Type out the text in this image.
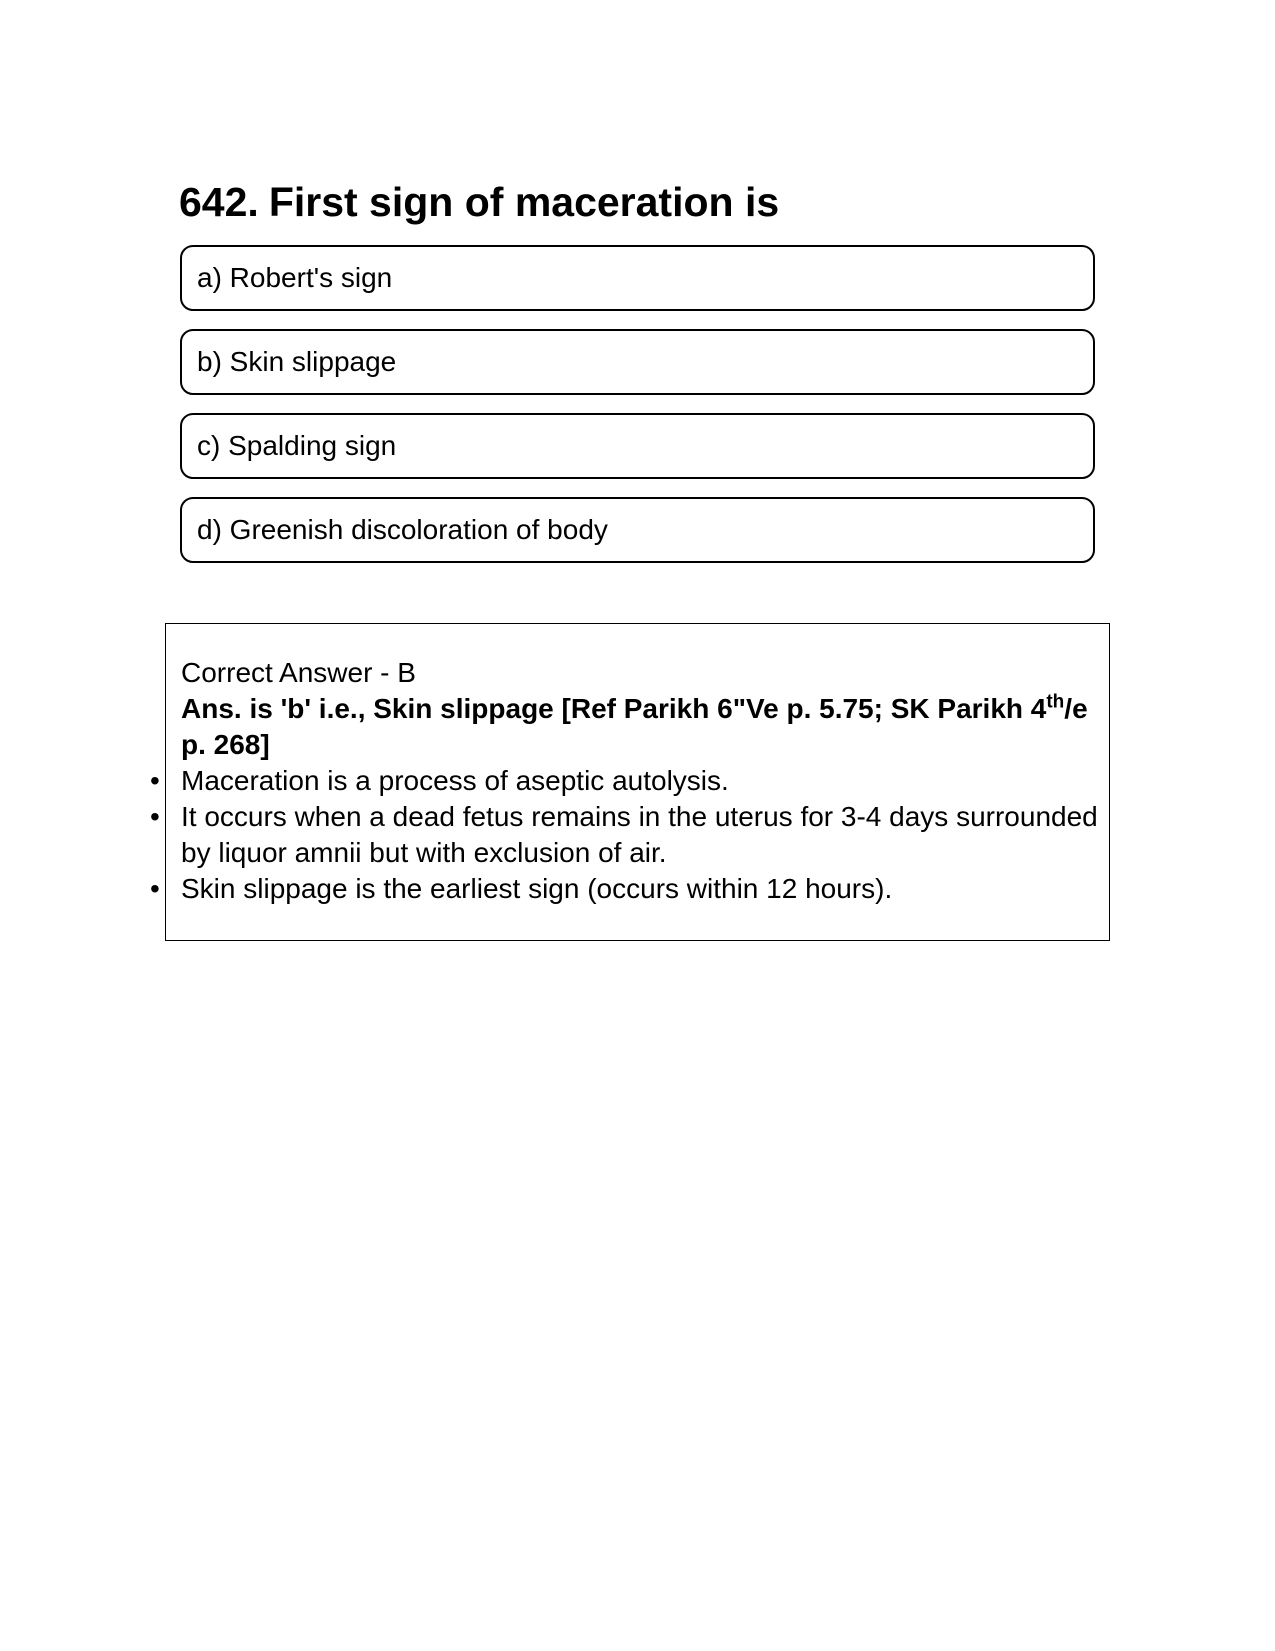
642. First sign of maceration is
a) Robert's sign
b) Skin slippage
c) Spalding sign
d) Greenish discoloration of body

Correct Answer - B

Ans. is 'b' i.e., Skin slippage [Ref Parikh 6"Ve p. 5.75; SK Parikh 4th/e p. 268]

• Maceration is a process of aseptic autolysis.
• It occurs when a dead fetus remains in the uterus for 3-4 days surrounded by liquor amnii but with exclusion of air.
• Skin slippage is the earliest sign (occurs within 12 hours).
